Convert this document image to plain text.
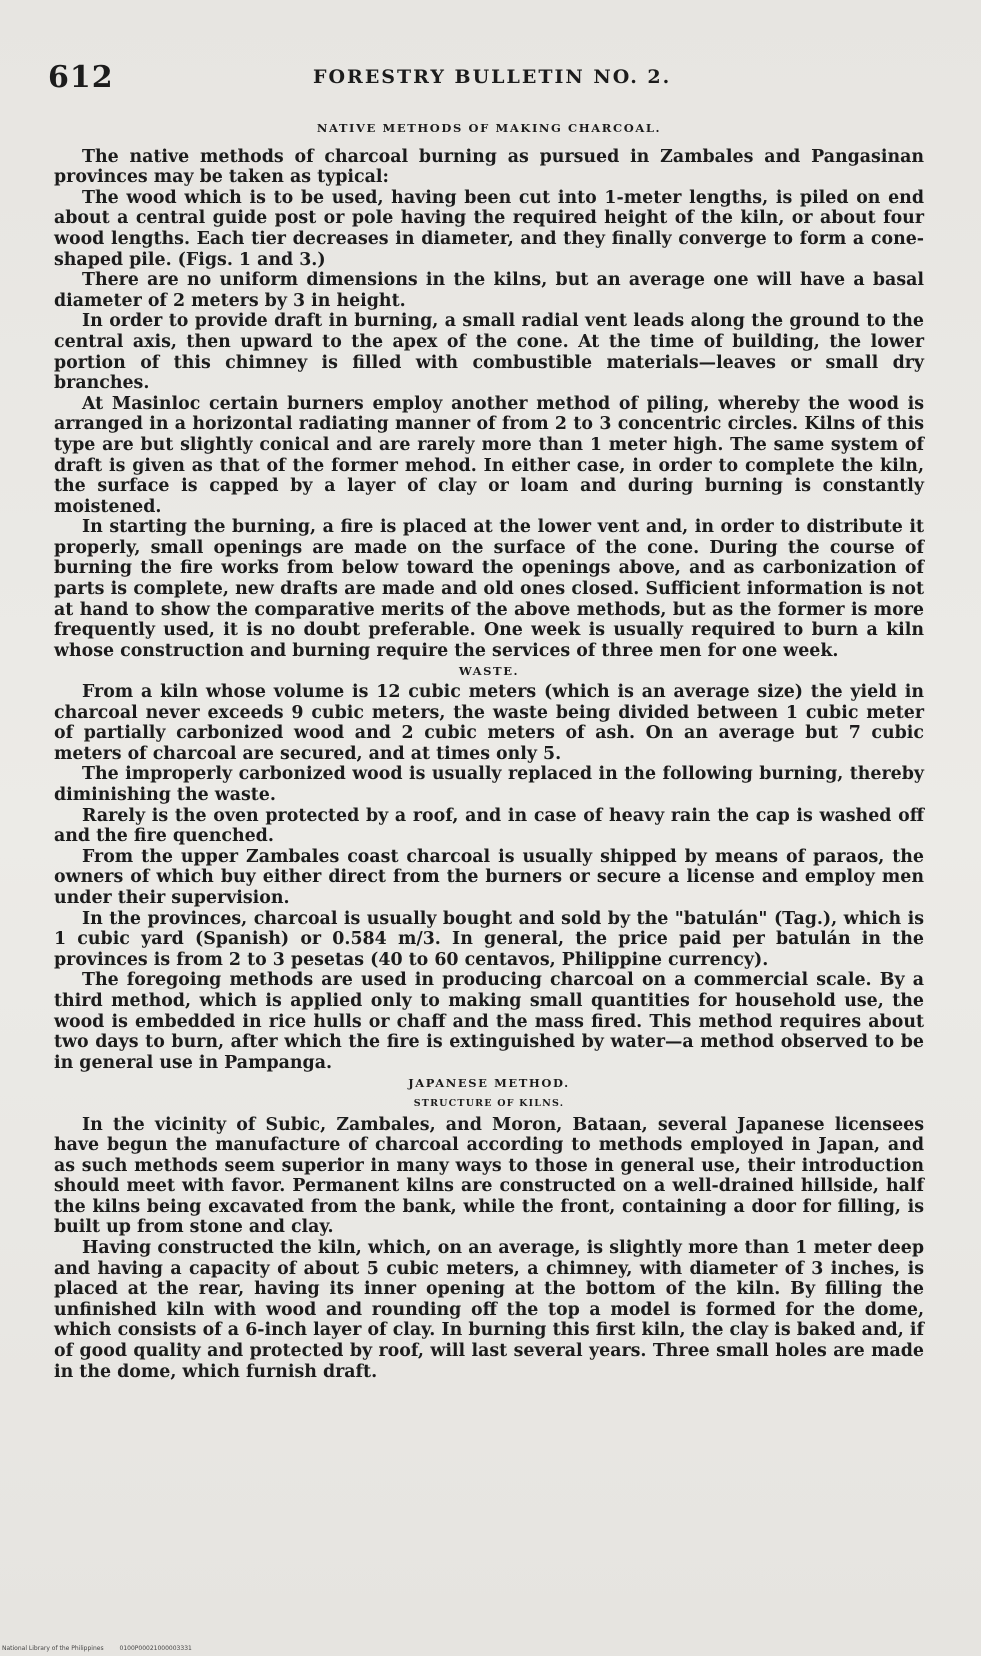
612	FORESTRY BULLETIN NO. 2.
NATIVE METHODS OF MAKING CHARCOAL.

The native methods of charcoal burning as pursued in Zambales and Pangasinan provinces may be taken as typical:

The wood which is to be used, having been cut into 1-meter lengths, is piled on end about a central guide post or pole having the required height of the kiln, or about four wood lengths. Each tier decreases in diameter, and they finally converge to form a cone-shaped pile. (Figs. 1 and 3.)

There are no uniform dimensions in the kilns, but an average one will have a basal diameter of 2 meters by 3 in height.

In order to provide draft in burning, a small radial vent leads along the ground to the central axis, then upward to the apex of the cone. At the time of building, the lower portion of this chimney is filled with combustible materials—leaves or small dry branches.

At Masinloc certain burners employ another method of piling, whereby the wood is arranged in a horizontal radiating manner of from 2 to 3 concentric circles. Kilns of this type are but slightly conical and are rarely more than 1 meter high. The same system of draft is given as that of the former mehod. In either case, in order to complete the kiln, the surface is capped by a layer of clay or loam and during burning is constantly moistened.

In starting the burning, a fire is placed at the lower vent and, in order to distribute it properly, small openings are made on the surface of the cone. During the course of burning the fire works from below toward the openings above, and as carbonization of parts is complete, new drafts are made and old ones closed. Sufficient information is not at hand to show the comparative merits of the above methods, but as the former is more frequently used, it is no doubt preferable. One week is usually required to burn a kiln whose construction and burning require the services of three men for one week.

WASTE.

From a kiln whose volume is 12 cubic meters (which is an average size) the yield in charcoal never exceeds 9 cubic meters, the waste being divided between 1 cubic meter of partially carbonized wood and 2 cubic meters of ash. On an average but 7 cubic meters of charcoal are secured, and at times only 5.

The improperly carbonized wood is usually replaced in the following burning, thereby diminishing the waste.

Rarely is the oven protected by a roof, and in case of heavy rain the cap is washed off and the fire quenched.

From the upper Zambales coast charcoal is usually shipped by means of paraos, the owners of which buy either direct from the burners or secure a license and employ men under their supervision.

In the provinces, charcoal is usually bought and sold by the "batulán" (Tag.), which is 1 cubic yard (Spanish) or 0.584 m/3. In general, the price paid per batulán in the provinces is from 2 to 3 pesetas (40 to 60 centavos, Philippine currency).

The foregoing methods are used in producing charcoal on a commercial scale. By a third method, which is applied only to making small quantities for household use, the wood is embedded in rice hulls or chaff and the mass fired. This method requires about two days to burn, after which the fire is extinguished by water—a method observed to be in general use in Pampanga.

JAPANESE METHOD.
STRUCTURE OF KILNS.

In the vicinity of Subic, Zambales, and Moron, Bataan, several Japanese licensees have begun the manufacture of charcoal according to methods employed in Japan, and as such methods seem superior in many ways to those in general use, their introduction should meet with favor. Permanent kilns are constructed on a well-drained hillside, half the kilns being excavated from the bank, while the front, containing a door for filling, is built up from stone and clay.

Having constructed the kiln, which, on an average, is slightly more than 1 meter deep and having a capacity of about 5 cubic meters, a chimney, with diameter of 3 inches, is placed at the rear, having its inner opening at the bottom of the kiln. By filling the unfinished kiln with wood and rounding off the top a model is formed for the dome, which consists of a 6-inch layer of clay. In burning this first kiln, the clay is baked and, if of good quality and protected by roof, will last several years. Three small holes are made in the dome, which furnish draft.

National Library of the Philippines	0100P00021000003331
